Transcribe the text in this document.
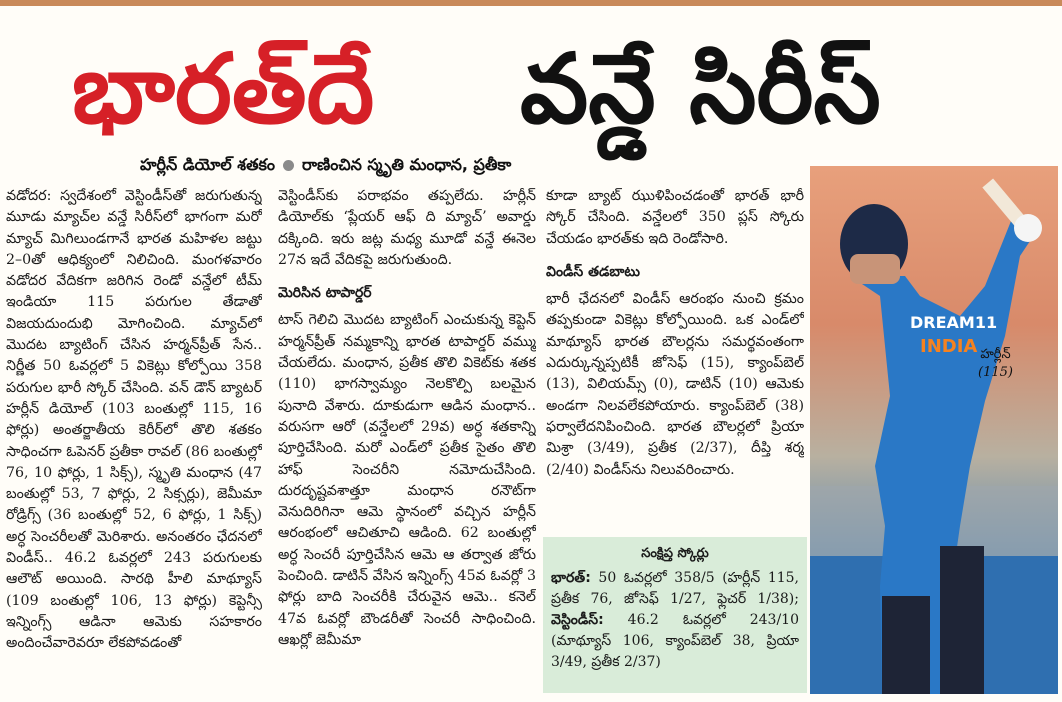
భారత్‌దే వన్డే సిరీస్
హర్లీన్ డియోల్ శతకం రాణించిన స్మృతి మంధాన, ప్రతీకా

వడోదర: స్వదేశంలో వెస్టిండీస్‌తో జరుగుతున్న మూడు మ్యాచ్‌ల వన్డే సిరీస్‌లో భాగంగా మరో మ్యాచ్ మిగిలుండగానే భారత మహిళల జట్టు 2–0తో ఆధిక్యంలో నిలిచింది. మంగళవారం వడోదర వేదికగా జరిగిన రెండో వన్డేలో టీమ్ ఇండియా 115 పరుగుల తేడాతో విజయదుందుభి మోగించింది. మ్యాచ్‌లో మొదట బ్యాటింగ్ చేసిన హర్మన్‌ప్రీత్ సేన.. నిర్ణీత 50 ఓవర్లలో 5 వికెట్లు కోల్పోయి 358 పరుగుల భారీ స్కోర్ చేసింది. వన్ డౌన్ బ్యాటర్ హర్లీన్ డియోల్ (103 బంతుల్లో 115, 16 ఫోర్లు) అంతర్జాతీయ కెరీర్‌లో తొలి శతకం సాధించగా ఓపెనర్ ప్రతీకా రావల్ (86 బంతుల్లో 76, 10 ఫోర్లు, 1 సిక్స్), స్మృతి మంధాన (47 బంతుల్లో 53, 7 ఫోర్లు, 2 సిక్సర్లు), జెమీమా రోడ్రిగ్స్ (36 బంతుల్లో 52, 6 ఫోర్లు, 1 సిక్స్) అర్ధ సెంచరీలతో మెరిశారు. అనంతరం ఛేదనలో విండీస్.. 46.2 ఓవర్లలో 243 పరుగులకు ఆలౌట్ అయింది. సారథి హీలి మాథ్యూస్ (109 బంతుల్లో 106, 13 ఫోర్లు) కెప్టెన్సీ ఇన్నింగ్స్ ఆడినా ఆమెకు సహకారం అందించేవారెవరూ లేకపోవడంతో

వెస్టిండీస్‌కు పరాభవం తప్పలేదు. హర్లీన్ డియోల్‌కు ‘ప్లేయర్ ఆఫ్ ది మ్యాచ్’ అవార్డు దక్కింది. ఇరు జట్ల మధ్య మూడో వన్డే ఈనెల 27న ఇదే వేదికపై జరుగుతుంది.

మెరిసిన టాపార్డర్

టాస్ గెలిచి మొదట బ్యాటింగ్ ఎంచుకున్న కెప్టెన్ హర్మన్‌ప్రీత్ నమ్మకాన్ని భారత టాపార్డర్ వమ్ము చేయలేదు. మంధాన, ప్రతీక తొలి వికెట్‌కు శతక (110) భాగస్వామ్యం నెలకొల్పి బలమైన పునాది వేశారు. దూకుడుగా ఆడిన మంధాన.. వరుసగా ఆరో (వన్డేలలో 29వ) అర్ధ శతకాన్ని పూర్తిచేసింది. మరో ఎండ్‌లో ప్రతీక సైతం తొలి హాఫ్ సెంచరీని నమోదుచేసింది. దురదృష్టవశాత్తూ మంధాన రనౌట్‌గా వెనుదిరిగినా ఆమె స్థానంలో వచ్చిన హర్లీన్ ఆరంభంలో ఆచితూచి ఆడింది. 62 బంతుల్లో అర్ధ సెంచరీ పూర్తిచేసిన ఆమె ఆ తర్వాత జోరు పెంచింది. డాటిన్ వేసిన ఇన్నింగ్స్ 45వ ఓవర్లో 3 ఫోర్లు బాది సెంచరీకి చేరువైన ఆమె.. కనెల్ 47వ ఓవర్లో బౌండరీతో సెంచరీ సాధించింది. ఆఖర్లో జెమీమా

కూడా బ్యాట్ ఝుళిపించడంతో భారత్ భారీ స్కోర్ చేసింది. వన్డేలలో 350 ప్లస్ స్కోరు చేయడం భారత్‌కు ఇది రెండోసారి.

విండీస్ తడబాటు

భారీ ఛేదనలో విండీస్ ఆరంభం నుంచి క్రమం తప్పకుండా వికెట్లు కోల్పోయింది. ఒక ఎండ్‌లో మాథ్యూస్ భారత బౌలర్లను సమర్థవంతంగా ఎదుర్కున్నప్పటికీ జోసెఫ్ (15), క్యాంప్‌బెల్ (13), విలియమ్స్ (0), డాటిన్ (10) ఆమెకు అండగా నిలవలేకపోయారు. క్యాంప్‌బెల్ (38) ఫర్వాలేదనిపించింది. భారత బౌలర్లలో ప్రియా మిశ్రా (3/49), ప్రతీక (2/37), దీప్తి శర్మ (2/40) విండీస్‌ను నిలువరించారు.

సంక్షిప్త స్కోర్లు
భారత్: 50 ఓవర్లలో 358/5 (హర్లీన్ 115, ప్రతీక 76, జోసెఫ్ 1/27, ఫ్లెచర్ 1/38); వెస్టిండీస్: 46.2 ఓవర్లలో 243/10 (మాథ్యూస్ 106, క్యాంప్‌బెల్ 38, ప్రియా 3/49, ప్రతీక 2/37)
DREAM11
INDIA హర్లీన్
(115)
